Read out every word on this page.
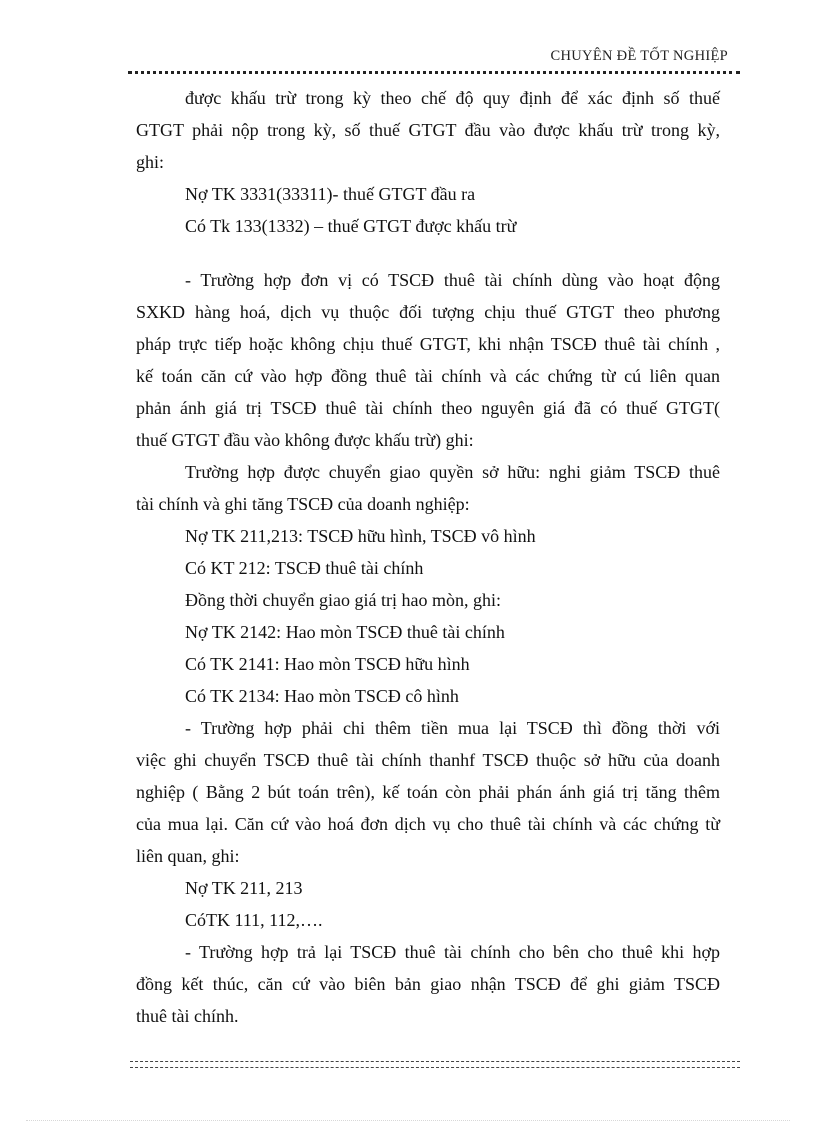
CHUYÊN ĐỀ TỐT NGHIỆP
được khấu trừ trong kỳ theo chế độ quy định để xác định số thuế
GTGT phải nộp trong kỳ, số thuế GTGT đầu vào được khấu trừ trong kỳ,
ghi:
Nợ TK 3331(33311)- thuế GTGT đầu ra
Có Tk 133(1332) – thuế GTGT được khấu trừ
- Trường hợp đơn vị có TSCĐ thuê tài chính dùng vào hoạt động
SXKD hàng hoá, dịch vụ thuộc đối tượng chịu thuế GTGT theo phương
pháp trực tiếp hoặc không chịu thuế GTGT, khi nhận TSCĐ thuê tài chính ,
kế toán căn cứ vào hợp đồng thuê tài chính và các chứng từ cú liên quan
phản ánh giá trị TSCĐ thuê tài chính theo nguyên giá đã có thuế GTGT(
thuế GTGT đầu vào không được khấu trừ) ghi:
Trường hợp được chuyển giao quyền sở hữu: nghi giảm TSCĐ thuê
tài chính và ghi tăng TSCĐ của doanh nghiệp:
Nợ TK 211,213: TSCĐ hữu hình, TSCĐ vô hình
Có KT 212: TSCĐ thuê tài chính
Đồng thời chuyển giao giá trị hao mòn, ghi:
Nợ TK 2142: Hao mòn TSCĐ thuê tài chính
Có TK 2141: Hao mòn TSCĐ hữu hình
Có TK 2134: Hao mòn TSCĐ cô hình
- Trường hợp phải chi thêm tiền mua lại TSCĐ thì đồng thời với
việc ghi chuyển TSCĐ thuê tài chính thanhf TSCĐ thuộc sở hữu của doanh
nghiệp ( Bằng 2 bút toán trên), kế toán còn phải phán ánh giá trị tăng thêm
của mua lại. Căn cứ vào hoá đơn dịch vụ cho thuê tài chính và các chứng từ
liên quan, ghi:
Nợ TK 211, 213
CóTK 111, 112,….
- Trường hợp trả lại TSCĐ thuê tài chính cho bên cho thuê khi hợp
đồng kết thúc, căn cứ vào biên bản giao nhận TSCĐ để ghi giảm TSCĐ
thuê tài chính.
